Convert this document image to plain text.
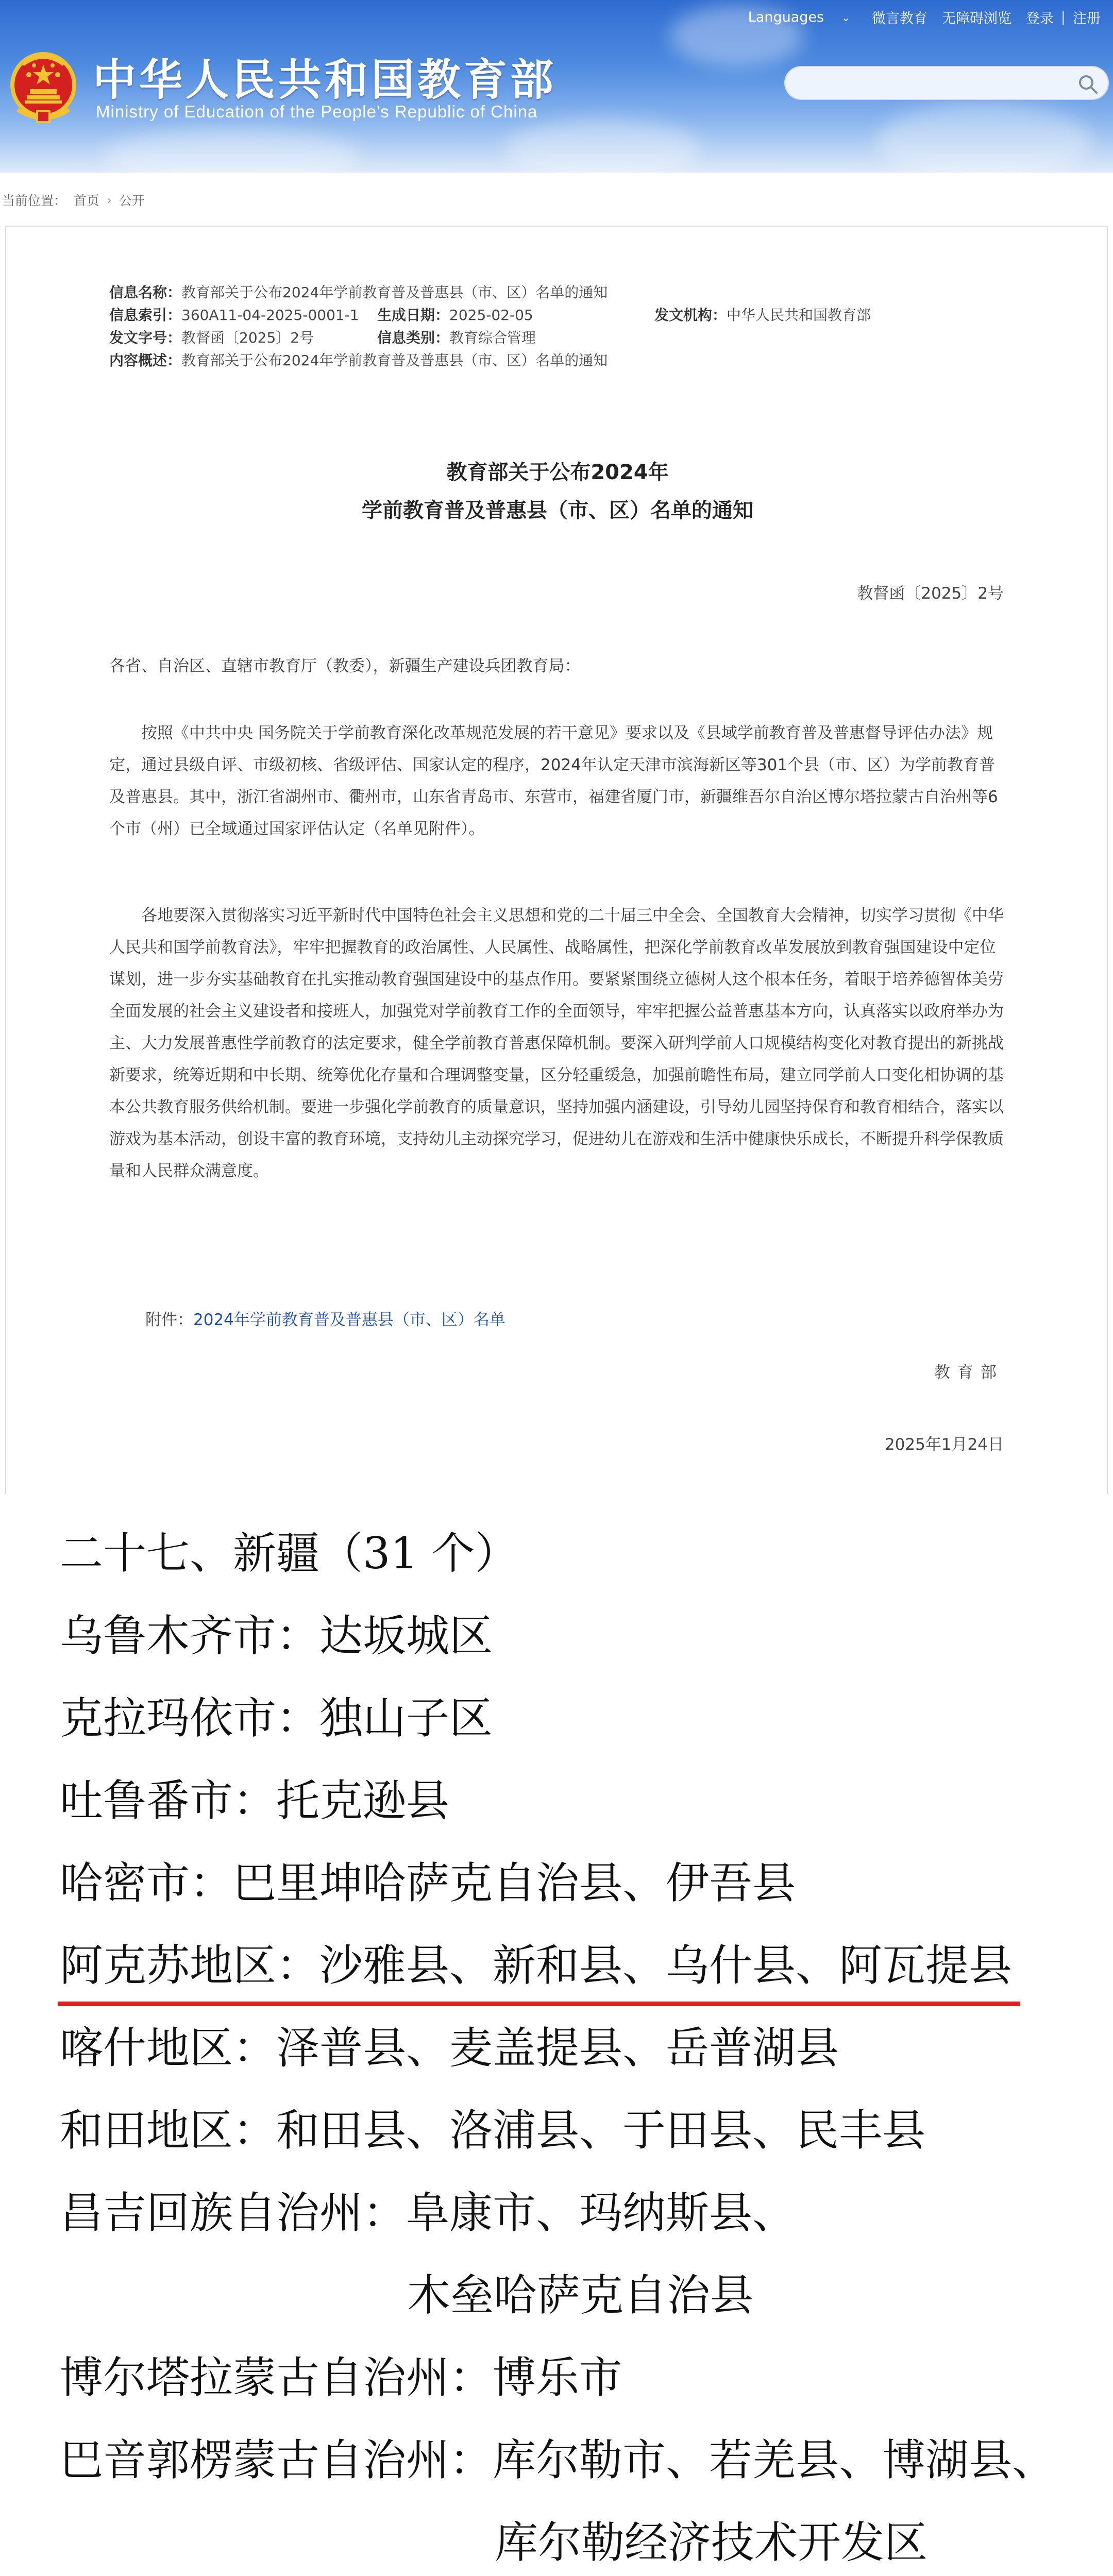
Languages	⌄	微言教育	无障碍浏览	登录 | 注册
中华人民共和国教育部
Ministry of Education of the People's Republic of China
当前位置： 首页 › 公开
信息名称：教育部关于公布2024年学前教育普及普惠县（市、区）名单的通知
信息索引：360A11-04-2025-0001-1 生成日期：2025-02-05	发文机构：中华人民共和国教育部
发文字号：教督函〔2025〕2号	信息类别：教育综合管理
内容概述：教育部关于公布2024年学前教育普及普惠县（市、区）名单的通知
教育部关于公布2024年
学前教育普及普惠县（市、区）名单的通知
教督函〔2025〕2号
各省、自治区、直辖市教育厅（教委），新疆生产建设兵团教育局：
按照《中共中央 国务院关于学前教育深化改革规范发展的若干意见》要求以及《县域学前教育普及普惠督导评估办法》规定，通过县级自评、市级初核、省级评估、国家认定的程序，2024年认定天津市滨海新区等301个县（市、区）为学前教育普及普惠县。其中，浙江省湖州市、衢州市，山东省青岛市、东营市，福建省厦门市，新疆维吾尔自治区博尔塔拉蒙古自治州等6个市（州）已全域通过国家评估认定（名单见附件）。
各地要深入贯彻落实习近平新时代中国特色社会主义思想和党的二十届三中全会、全国教育大会精神，切实学习贯彻《中华人民共和国学前教育法》，牢牢把握教育的政治属性、人民属性、战略属性，把深化学前教育改革发展放到教育强国建设中定位谋划，进一步夯实基础教育在扎实推动教育强国建设中的基点作用。要紧紧围绕立德树人这个根本任务，着眼于培养德智体美劳全面发展的社会主义建设者和接班人，加强党对学前教育工作的全面领导，牢牢把握公益普惠基本方向，认真落实以政府举办为主、大力发展普惠性学前教育的法定要求，健全学前教育普惠保障机制。要深入研判学前人口规模结构变化对教育提出的新挑战新要求，统筹近期和中长期、统筹优化存量和合理调整变量，区分轻重缓急，加强前瞻性布局，建立同学前人口变化相协调的基本公共教育服务供给机制。要进一步强化学前教育的质量意识，坚持加强内涵建设，引导幼儿园坚持保育和教育相结合，落实以游戏为基本活动，创设丰富的教育环境，支持幼儿主动探究学习，促进幼儿在游戏和生活中健康快乐成长，不断提升科学保教质量和人民群众满意度。
附件：2024年学前教育普及普惠县（市、区）名单
教育部
2025年1月24日
二十七、新疆（31 个）
乌鲁木齐市：达坂城区
克拉玛依市：独山子区
吐鲁番市：托克逊县
哈密市：巴里坤哈萨克自治县、伊吾县
阿克苏地区：沙雅县、新和县、乌什县、阿瓦提县
喀什地区：泽普县、麦盖提县、岳普湖县
和田地区：和田县、洛浦县、于田县、民丰县
昌吉回族自治州：阜康市、玛纳斯县、
木垒哈萨克自治县
博尔塔拉蒙古自治州：博乐市
巴音郭楞蒙古自治州：库尔勒市、若羌县、博湖县、
库尔勒经济技术开发区
